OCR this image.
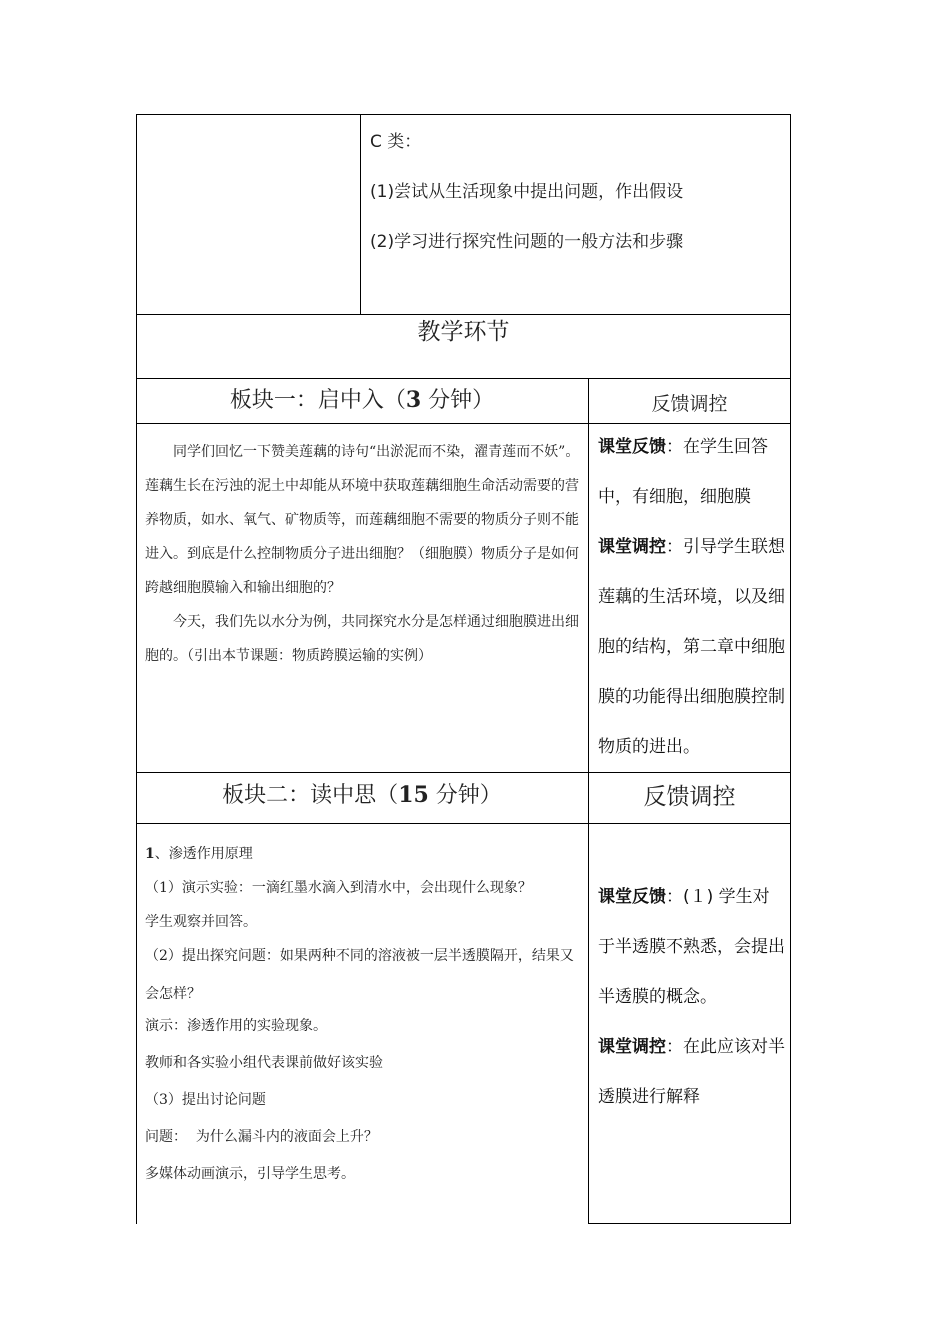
C 类：
(1)尝试从生活现象中提出问题，作出假设
(2)学习进行探究性问题的一般方法和步骤
教学环节
板块一：启中入（3 分钟）	反馈调控

同学们回忆一下赞美莲藕的诗句“出淤泥而不染，濯青莲而不妖”。莲藕生长在污浊的泥土中却能从环境中获取莲藕细胞生命活动需要的营养物质，如水、氧气、矿物质等，而莲藕细胞不需要的物质分子则不能进入。到底是什么控制物质分子进出细胞？（细胞膜）物质分子是如何跨越细胞膜输入和输出细胞的？

今天，我们先以水分为例，共同探究水分是怎样通过细胞膜进出细胞的。（引出本节课题：物质跨膜运输的实例）

课堂反馈：在学生回答中，有细胞，细胞膜

课堂调控：引导学生联想莲藕的生活环境，以及细胞的结构，第二章中细胞膜的功能得出细胞膜控制物质的进出。

板块二：读中思（15 分钟）	反馈调控
1、渗透作用原理
（1）演示实验：一滴红墨水滴入到清水中，会出现什么现象？
学生观察并回答。
（2）提出探究问题：如果两种不同的溶液被一层半透膜隔开，结果又会怎样？
演示：渗透作用的实验现象。
教师和各实验小组代表课前做好该实验
（3）提出讨论问题
问题：  为什么漏斗内的液面会上升？
多媒体动画演示，引导学生思考。

课堂反馈：(１) 学生对于半透膜不熟悉，会提出半透膜的概念。

课堂调控：在此应该对半透膜进行解释
